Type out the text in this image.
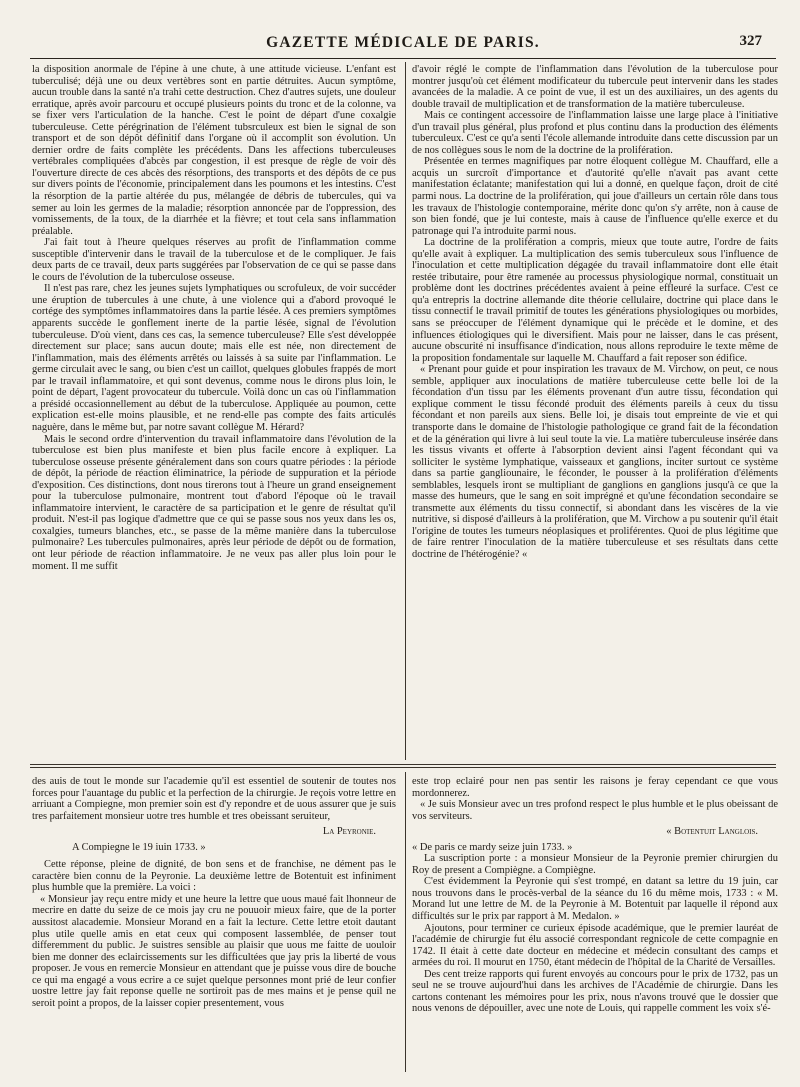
GAZETTE MÉDICALE DE PARIS.	327

la disposition anormale de l'épine à une chute, à une attitude vicieuse. L'enfant est tuberculisé; déjà une ou deux vertèbres sont en partie détruites. Aucun symptôme, aucun trouble dans la santé n'a trahi cette destruction. Chez d'autres sujets, une douleur erratique, après avoir parcouru et occupé plusieurs points du tronc et de la colonne, va se fixer vers l'articulation de la hanche. C'est le point de départ d'une coxalgie tuberculeuse. Cette pérégrination de l'élément tubsrculeux est bien le signal de son transport et de son dépôt définitif dans l'organe où il accomplit son évolution. Un dernier ordre de faits complète les précédents. Dans les affections tuberculeuses vertébrales compliquées d'abcès par congestion, il est presque de règle de voir dès l'ouverture directe de ces abcès des résorptions, des transports et des dépôts de ce pus sur divers points de l'économie, principalement dans les poumons et les intestins. C'est la résorption de la partie altérée du pus, mélangée de débris de tubercules, qui va semer au loin les germes de la maladie; résorption annoncée par de l'oppression, des vomissements, de la toux, de la diarrhée et la fièvre; et tout cela sans inflammation préalable.

J'ai fait tout à l'heure quelques réserves au profit de l'inflammation comme susceptible d'intervenir dans le travail de la tuberculose et de le compliquer. Je fais deux parts de ce travail, deux parts suggérées par l'observation de ce qui se passe dans le cours de l'évolution de la tuberculose osseuse.

Il n'est pas rare, chez les jeunes sujets lymphatiques ou scrofuleux, de voir succéder une éruption de tubercules à une chute, à une violence qui a d'abord provoqué le cortége des symptômes inflammatoires dans la partie lésée. A ces premiers symptômes apparents succède le gonflement inerte de la partie lésée, signal de l'évolution tuberculeuse. D'où vient, dans ces cas, la semence tuberculeuse? Elle s'est développée directement sur place; sans aucun doute; mais elle est née, non directement de l'inflammation, mais des éléments arrêtés ou laissés à sa suite par l'inflammation. Le germe circulait avec le sang, ou bien c'est un caillot, quelques globules frappés de mort par le travail inflammatoire, et qui sont devenus, comme nous le dirons plus loin, le point de départ, l'agent provocateur du tubercule. Voilà donc un cas où l'inflammation a présidé occasionnellement au début de la tuberculose. Appliquée au poumon, cette explication est-elle moins plausible, et ne rend-elle pas compte des faits articulés naguère, dans le même but, par notre savant collègue M. Hérard?

Mais le second ordre d'intervention du travail inflammatoire dans l'évolution de la tuberculose est bien plus manifeste et bien plus facile encore à expliquer. La tuberculose osseuse présente généralement dans son cours quatre périodes : la période de dépôt, la période de réaction éliminatrice, la période de suppuration et la période d'exposition. Ces distinctions, dont nous tirerons tout à l'heure un grand enseignement pour la tuberculose pulmonaire, montrent tout d'abord l'époque où le travail inflammatoire intervient, le caractère de sa participation et le genre de résultat qu'il produit. N'est-il pas logique d'admettre que ce qui se passe sous nos yeux dans les os, coxalgies, tumeurs blanches, etc., se passe de la même manière dans la tuberculose pulmonaire? Les tubercules pulmonaires, après leur période de dépôt ou de formation, ont leur période de réaction inflammatoire. Je ne veux pas aller plus loin pour le moment. Il me suffit

d'avoir réglé le compte de l'inflammation dans l'évolution de la tuberculose pour montrer jusqu'où cet élément modificateur du tubercule peut intervenir dans les stades avancées de la maladie. A ce point de vue, il est un des auxiliaires, un des agents du double travail de multiplication et de transformation de la matière tuberculeuse.

Mais ce contingent accessoire de l'inflammation laisse une large place à l'initiative d'un travail plus général, plus profond et plus continu dans la production des éléments tuberculeux. C'est ce qu'a senti l'école allemande introduite dans cette discussion par un de nos collègues sous le nom de la doctrine de la prolifération.

Présentée en termes magnifiques par notre éloquent collègue M. Chauffard, elle a acquis un surcroît d'importance et d'autorité qu'elle n'avait pas avant cette manifestation éclatante; manifestation qui lui a donné, en quelque façon, droit de cité parmi nous. La doctrine de la prolifération, qui joue d'ailleurs un certain rôle dans tous les travaux de l'histologie contemporaine, mérite donc qu'on s'y arrête, non à cause de son bien fondé, que je lui conteste, mais à cause de l'influence qu'elle exerce et du patronage qui l'a introduite parmi nous.

La doctrine de la prolifération a compris, mieux que toute autre, l'ordre de faits qu'elle avait à expliquer. La multiplication des semis tuberculeux sous l'influence de l'inoculation et cette multiplication dégagée du travail inflammatoire dont elle était restée tributaire, pour être ramenée au processus physiologique normal, constituait un problème dont les doctrines précédentes avaient à peine effleuré la surface. C'est ce qu'a entrepris la doctrine allemande dite théorie cellulaire, doctrine qui place dans le tissu connectif le travail primitif de toutes les générations physiologiques ou morbides, sans se préoccuper de l'élément dynamique qui le précède et le domine, et des influences étiologiques qui le diversifient. Mais pour ne laisser, dans le cas présent, aucune obscurité ni insuffisance d'indication, nous allons reproduire le texte même de la proposition fondamentale sur laquelle M. Chauffard a fait reposer son édifice.

« Prenant pour guide et pour inspiration les travaux de M. Virchow, on peut, ce nous semble, appliquer aux inoculations de matière tuberculeuse cette belle loi de la fécondation d'un tissu par les éléments provenant d'un autre tissu, fécondation qui explique comment le tissu fécondé produit des éléments pareils à ceux du tissu fécondant et non pareils aux siens. Belle loi, je disais tout empreinte de vie et qui transporte dans le domaine de l'histologie pathologique ce grand fait de la fécondation et de la génération qui livre à lui seul toute la vie. La matière tuberculeuse insérée dans les tissus vivants et offerte à l'absorption devient ainsi l'agent fécondant qui va solliciter le système lymphatique, vaisseaux et ganglions, inciter surtout ce système dans sa partie gangliounaire, le féconder, le pousser à la prolifération d'éléments semblables, lesquels iront se multipliant de ganglions en ganglions jusqu'à ce que la masse des humeurs, que le sang en soit imprégné et qu'une fécondation secondaire se transmette aux éléments du tissu connectif, si abondant dans les viscères de la vie nutritive, si disposé d'ailleurs à la prolifération, que M. Virchow a pu soutenir qu'il était l'origine de toutes les tumeurs néoplasiques et proliférentes. Quoi de plus légitime que de faire rentrer l'inoculation de la matière tuberculeuse et ses résultats dans cette doctrine de l'hétérogénie? «

des auis de tout le monde sur l'academie qu'il est essentiel de soutenir de toutes nos forces pour l'auantage du public et la perfection de la chirurgie. Je reçois votre lettre en arriuant a Compiegne, mon premier soin est d'y repondre et de uous assurer que je suis tres parfaitement monsieur uotre tres humble et tres obeissant seruiteur,

La Peyronie.

A Compiegne le 19 iuin 1733. »

Cette réponse, pleine de dignité, de bon sens et de franchise, ne dément pas le caractère bien connu de la Peyronie. La deuxième lettre de Botentuit est infiniment plus humble que la première. La voici :

« Monsieur jay reçu entre midy et une heure la lettre que uous maué fait lhonneur de mecrire en datte du seize de ce mois jay cru ne pouuoir mieux faire, que de la porter aussitost alacademie. Monsieur Morand en a fait la lecture. Cette lettre etoit dautant plus utile quelle amis en etat ceux qui composent lassemblée, de penser tout differemment du public. Je suistres sensible au plaisir que uous me faitte de uouloir bien me donner des eclaircissements sur les difficultées que jay pris la liberté de vous proposer. Je vous en remercie Monsieur en attendant que je puisse vous dire de bouche ce qui ma engagé a vous ecrire a ce sujet quelque personnes mont prié de leur confier uostre lettre jay fait reponse quelle ne sortiroit pas de mes mains et je pense quil ne seroit point a propos, de la laisser copier presentement, vous

este trop eclairé pour nen pas sentir les raisons je feray cependant ce que vous mordonnerez.

« Je suis Monsieur avec un tres profond respect le plus humble et le plus obeissant de vos serviteurs.

« Botentuit Langlois.

« De paris ce mardy seize juin 1733. »

La suscription porte : a monsieur Monsieur de la Peyronie premier chirurgien du Roy de present a Compiègne. a Compiègne.

C'est évidemment la Peyronie qui s'est trompé, en datant sa lettre du 19 juin, car nous trouvons dans le procès-verbal de la séance du 16 du même mois, 1733 : « M. Morand lut une lettre de M. de la Peyronie à M. Botentuit par laquelle il répond aux difficultés sur le prix par rapport à M. Medalon. »

Ajoutons, pour terminer ce curieux épisode académique, que le premier lauréat de l'académie de chirurgie fut élu associé correspondant regnicole de cette compagnie en 1742. Il était à cette date docteur en médecine et médecin consultant des camps et armées du roi. Il mourut en 1750, étant médecin de l'hôpital de la Charité de Versailles.

Des cent treize rapports qui furent envoyés au concours pour le prix de 1732, pas un seul ne se trouve aujourd'hui dans les archives de l'Académie de chirurgie. Dans les cartons contenant les mémoires pour les prix, nous n'avons trouvé que le dossier que nous venons de dépouiller, avec une note de Louis, qui rappelle comment les voix s'é-
